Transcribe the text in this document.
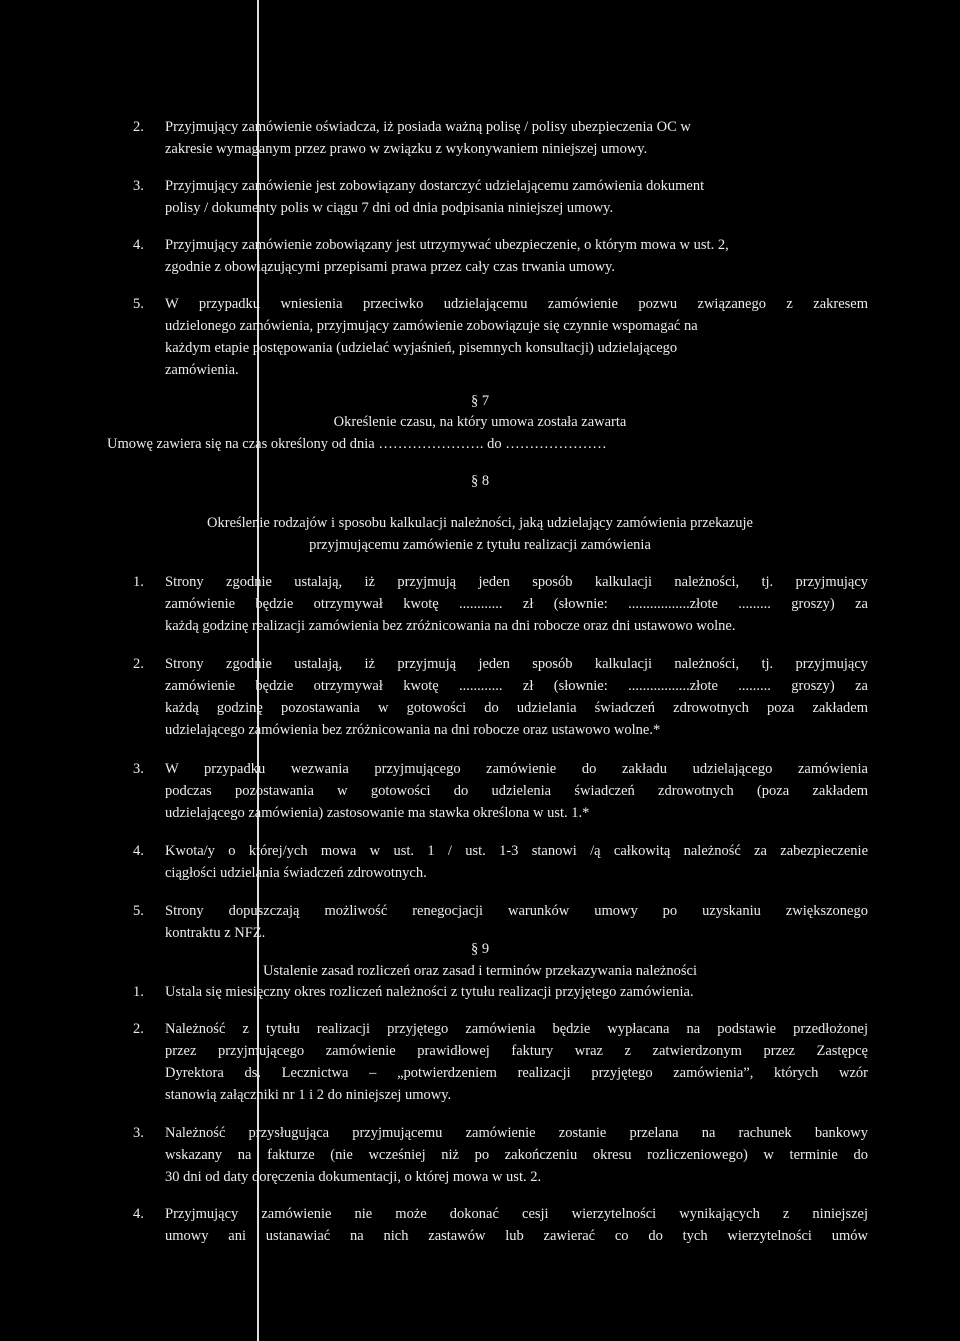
2. Przyjmujący zamówienie oświadcza, iż posiada ważną polisę / polisy ubezpieczenia OC w
zakresie wymaganym przez prawo w związku z wykonywaniem niniejszej umowy.
3. Przyjmujący zamówienie jest zobowiązany dostarczyć udzielającemu zamówienia dokument
polisy / dokumenty polis w ciągu 7 dni od dnia podpisania niniejszej umowy.
4. Przyjmujący zamówienie zobowiązany jest utrzymywać ubezpieczenie, o którym mowa w ust. 2,
zgodnie z obowiązującymi przepisami prawa przez cały czas trwania umowy.
5. W przypadku wniesienia przeciwko udzielającemu zamówienie pozwu związanego z zakresem
udzielonego zamówienia, przyjmujący zamówienie zobowiązuje się czynnie wspomagać na
każdym etapie postępowania (udzielać wyjaśnień, pisemnych konsultacji) udzielającego
zamówienia.
§ 7
Określenie czasu, na który umowa została zawarta
Umowę zawiera się na czas określony od dnia …………………. do …………………
§ 8
Określenie rodzajów i sposobu kalkulacji należności, jaką udzielający zamówienia przekazuje
przyjmującemu zamówienie z tytułu realizacji zamówienia
1. Strony zgodnie ustalają, iż przyjmują jeden sposób kalkulacji należności, tj. przyjmujący
zamówienie będzie otrzymywał kwotę ............ zł (słownie: .................złote ......... groszy) za
każdą godzinę realizacji zamówienia bez zróżnicowania na dni robocze oraz dni ustawowo wolne.
2. Strony zgodnie ustalają, iż przyjmują jeden sposób kalkulacji należności, tj. przyjmujący
zamówienie będzie otrzymywał kwotę ............ zł (słownie: .................złote ......... groszy) za
każdą godzinę pozostawania w gotowości do udzielania świadczeń zdrowotnych poza zakładem
udzielającego zamówienia bez zróżnicowania na dni robocze oraz ustawowo wolne.*
3. W przypadku wezwania przyjmującego zamówienie do zakładu udzielającego zamówienia
podczas pozostawania w gotowości do udzielenia świadczeń zdrowotnych (poza zakładem
udzielającego zamówienia) zastosowanie ma stawka określona w ust. 1.*
4. Kwota/y o której/ych mowa w ust. 1 / ust. 1-3 stanowi /ą całkowitą należność za zabezpieczenie
ciągłości udzielania świadczeń zdrowotnych.
5. Strony dopuszczają możliwość renegocjacji warunków umowy po uzyskaniu zwiększonego
kontraktu z NFZ.
§ 9
Ustalenie zasad rozliczeń oraz zasad i terminów przekazywania należności
1. Ustala się miesięczny okres rozliczeń należności z tytułu realizacji przyjętego zamówienia.
2. Należność z tytułu realizacji przyjętego zamówienia będzie wypłacana na podstawie przedłożonej
przez przyjmującego zamówienie prawidłowej faktury wraz z zatwierdzonym przez Zastępcę
Dyrektora ds. Lecznictwa – „potwierdzeniem realizacji przyjętego zamówienia”, których wzór
stanowią załączniki nr 1 i 2 do niniejszej umowy.
3. Należność przysługująca przyjmującemu zamówienie zostanie przelana na rachunek bankowy
wskazany na fakturze (nie wcześniej niż po zakończeniu okresu rozliczeniowego) w terminie do
30 dni od daty doręczenia dokumentacji, o której mowa w ust. 2.
4. Przyjmujący zamówienie nie może dokonać cesji wierzytelności wynikających z niniejszej
umowy ani ustanawiać na nich zastawów lub zawierać co do tych wierzytelności umów
